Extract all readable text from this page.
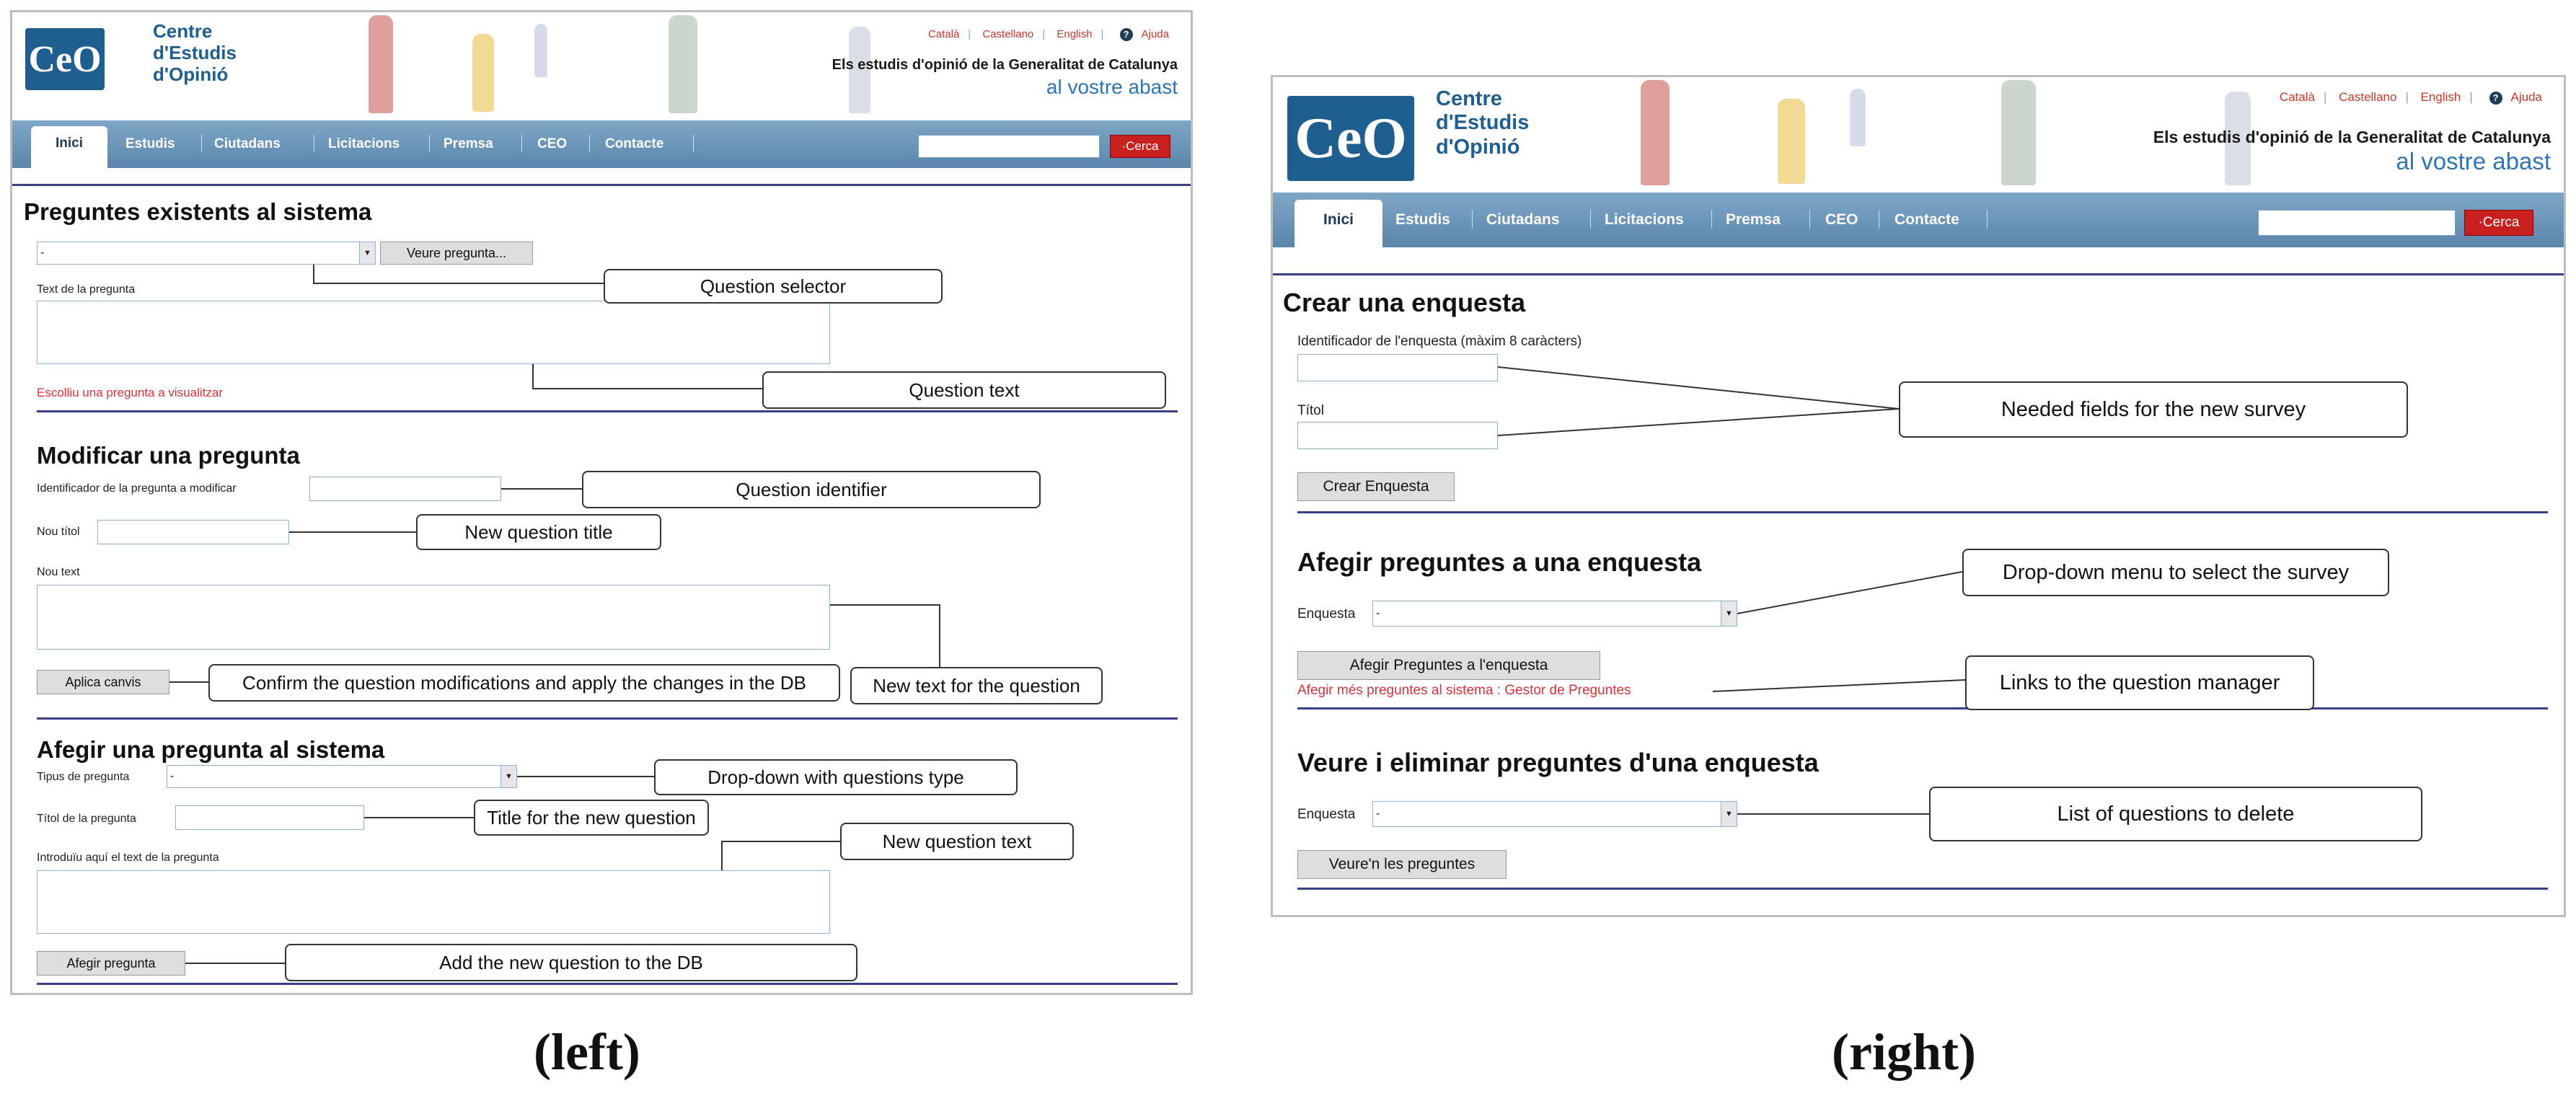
CeO
Centre
d'Estudis
d'Opinió
Català | Castellano | English | ? Ajuda
Els estudis d'opinió de la Generalitat de Catalunya
al vostre abast
Inici	Estudis	Ciutadans	Licitacions	Premsa	CEO	Contacte	·Cerca
Preguntes existents al sistema
-	▼	Veure pregunta...
Text de la pregunta
Escolliu una pregunta a visualitzar
Modificar una pregunta
Identificador de la pregunta a modificar
Nou títol
Nou text
Aplica canvis
Afegir una pregunta al sistema
Tipus de pregunta	-	▼
Títol de la pregunta
Introduïu aquí el text de la pregunta
Afegir pregunta
Question selector
Question text
Question identifier
New question title
Confirm the question modifications and apply the changes in the DB	New text for the question
Drop-down with questions type
Title for the new question
New question text
Add the new question to the DB
CeO
Centre
d'Estudis
d'Opinió
Català | Castellano | English | ? Ajuda
Els estudis d'opinió de la Generalitat de Catalunya
al vostre abast
Inici	Estudis Ciutadans	Licitacions	Premsa	CEO Contacte	·Cerca
Crear una enquesta
Identificador de l'enquesta (màxim 8 caràcters)
Títol
Crear Enquesta
Afegir preguntes a una enquesta
Enquesta	-	▼
Afegir Preguntes a l'enquesta
Afegir més preguntes al sistema : Gestor de Preguntes
Veure i eliminar preguntes d'una enquesta
Enquesta	-	▼
Veure'n les preguntes
Needed fields for the new survey
Drop-down menu to select the survey
Links to the question manager
List of questions to delete
(left)	(right)
